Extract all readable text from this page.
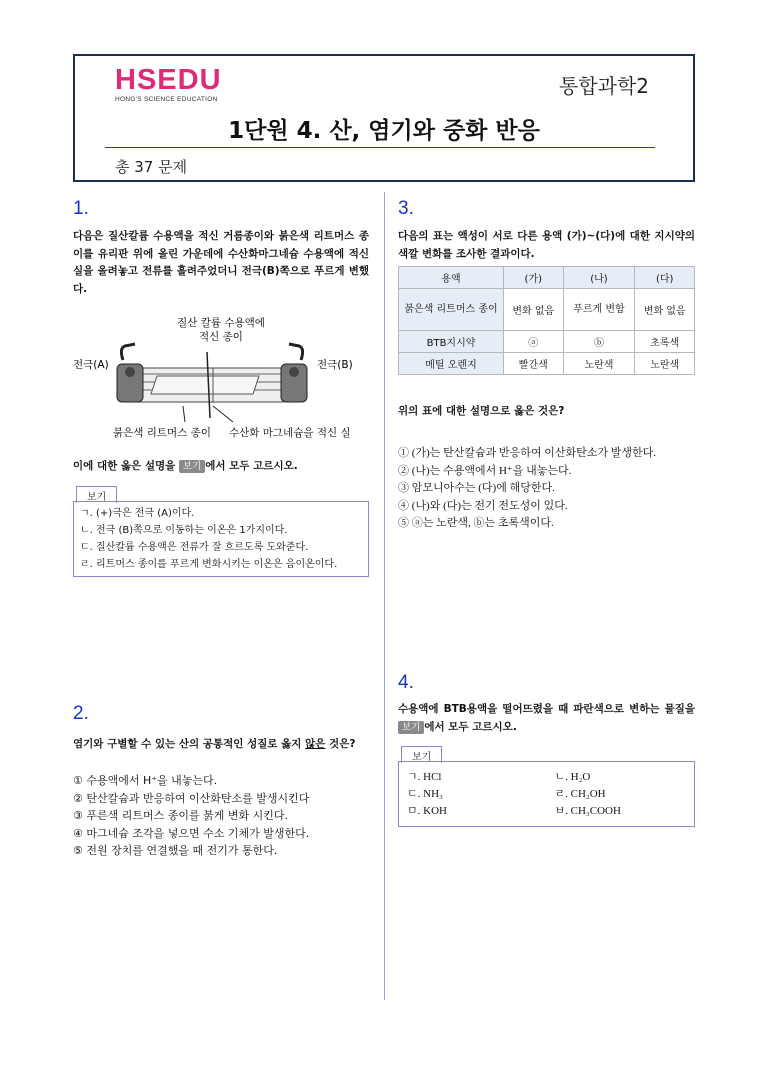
HSEDU
HONG'S SCIENCE EDUCATION
통합과학2
1단원 4. 산, 염기와 중화 반응
총 37 문제
1.
다음은 질산칼륨 수용액을 적신 거름종이와 붉은색 리트머스 종이를 유리판 위에 올린 가운데에 수산화마그네슘 수용액에 적신 실을 올려놓고 전류를 흘려주었더니 전극(B)쪽으로 푸르게 변했다.
질산 칼륨 수용액에
적신 종이
전극(A)	전극(B)
붉은색 리트머스 종이 수산화 마그네슘을 적신 실
이에 대한 옳은 설명을 보기 에서 모두 고르시오.
보기
ㄱ. (+)극은 전극 (A)이다.
ㄴ. 전극 (B)쪽으로 이동하는 이온은 1가지이다.
ㄷ. 질산칼륨 수용액은 전류가 잘 흐르도록 도와준다.
ㄹ. 리트머스 종이를 푸르게 변화시키는 이온은 음이온이다.
2.
염기와 구별할 수 있는 산의 공통적인 성질로 옳지 않은 것은?
① 수용액에서 H⁺을 내놓는다.
② 탄산칼슘과 반응하여 이산화탄소를 발생시킨다
③ 푸른색 리트머스 종이를 붉게 변화 시킨다.
④ 마그네슘 조각을 넣으면 수소 기체가 발생한다.
⑤ 전원 장치를 연결했을 때 전기가 통한다.
3.
다음의 표는 액성이 서로 다른 용액 (가)~(다)에 대한 지시약의 색깔 변화를 조사한 결과이다.
용액	(가)	(나)	(다)
붉은색 리트머스 종이	변화 없음	푸르게 변함	변화 없음
BTB지시약	ⓐ	ⓑ	초록색
메틸 오렌지	빨간색	노란색	노란색
위의 표에 대한 설명으로 옳은 것은?
① (가)는 탄산칼슘과 반응하여 이산화탄소가 발생한다.
② (나)는 수용액에서 H⁺을 내놓는다.
③ 암모니아수는 (다)에 해당한다.
④ (나)와 (다)는 전기 전도성이 있다.
⑤ ⓐ는 노란색, ⓑ는 초록색이다.
4.
수용액에 BTB용액을 떨어뜨렸을 때 파란색으로 변하는 물질을 보기 에서 모두 고르시오.
보기
ㄱ. HCl	ㄴ. H₂O
ㄷ. NH₃	ㄹ. CH₂OH
ㅁ. KOH	ㅂ. CH₃COOH
